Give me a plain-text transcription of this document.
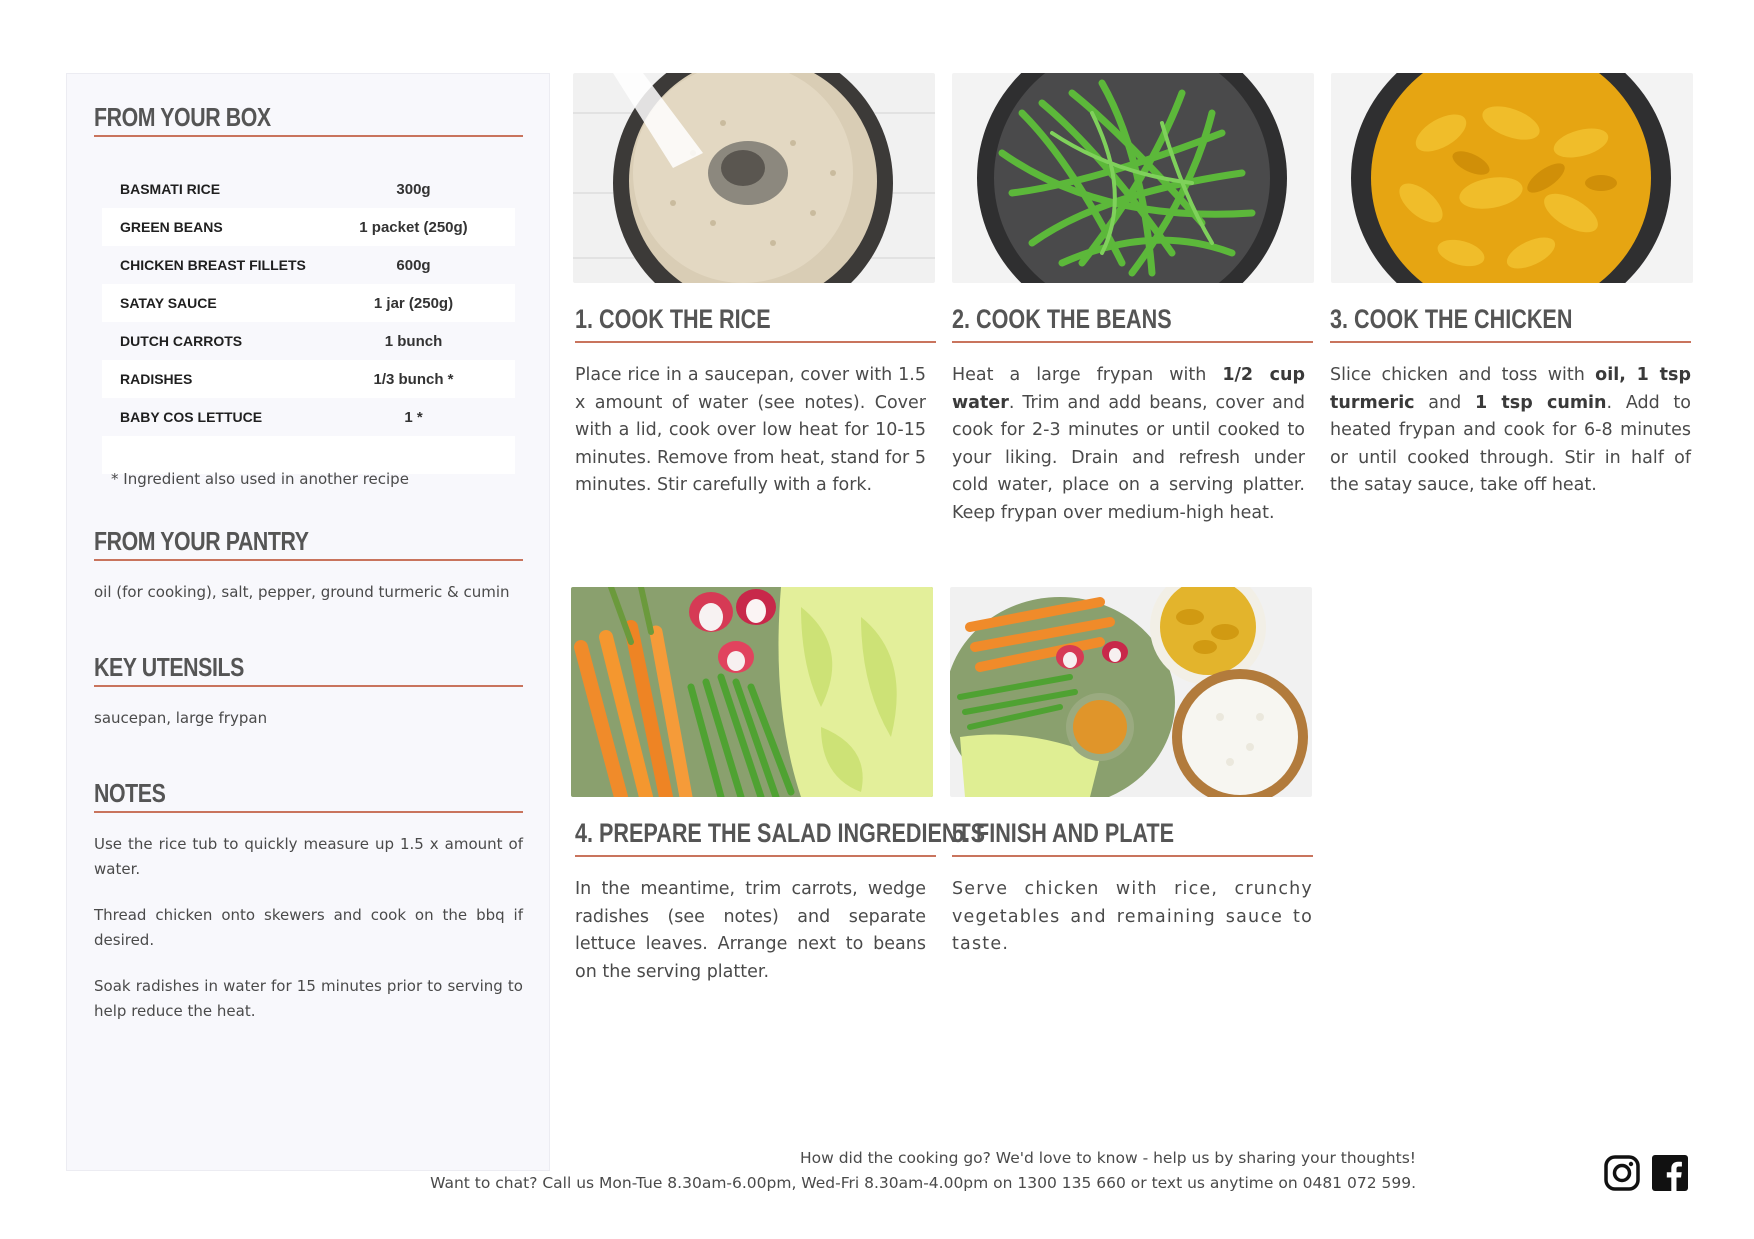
FROM YOUR BOX
BASMATI RICE	300g
GREEN BEANS	1 packet (250g)
CHICKEN BREAST FILLETS	600g
SATAY SAUCE	1 jar (250g)
DUTCH CARROTS	1 bunch
RADISHES	1/3 bunch *
BABY COS LETTUCE	1 *
* Ingredient also used in another recipe
FROM YOUR PANTRY
oil (for cooking), salt, pepper, ground turmeric & cumin
KEY UTENSILS
saucepan, large frypan
NOTES
Use the rice tub to quickly measure up 1.5 x amount of water.
Thread chicken onto skewers and cook on the bbq if desired.
Soak radishes in water for 15 minutes prior to serving to help reduce the heat.
1. COOK THE RICE

Place rice in a saucepan, cover with 1.5 x amount of water (see notes). Cover with a lid, cook over low heat for 10-15 minutes. Remove from heat, stand for 5 minutes. Stir carefully with a fork.

2. COOK THE BEANS

Heat a large frypan with 1/2 cup water. Trim and add beans, cover and cook for 2-3 minutes or until cooked to your liking. Drain and refresh under cold water, place on a serving platter. Keep frypan over medium-high heat.

3. COOK THE CHICKEN

Slice chicken and toss with oil, 1 tsp turmeric and 1 tsp cumin. Add to heated frypan and cook for 6-8 minutes or until cooked through. Stir in half of the satay sauce, take off heat.

4. PREPARE THE SALAD INGREDIENTS

In the meantime, trim carrots, wedge radishes (see notes) and separate lettuce leaves. Arrange next to beans on the serving platter.

5. FINISH AND PLATE

Serve chicken with rice, crunchy vegetables and remaining sauce to taste.

How did the cooking go? We'd love to know - help us by sharing your thoughts!
Want to chat? Call us Mon-Tue 8.30am-6.00pm, Wed-Fri 8.30am-4.00pm on 1300 135 660 or text us anytime on 0481 072 599.
